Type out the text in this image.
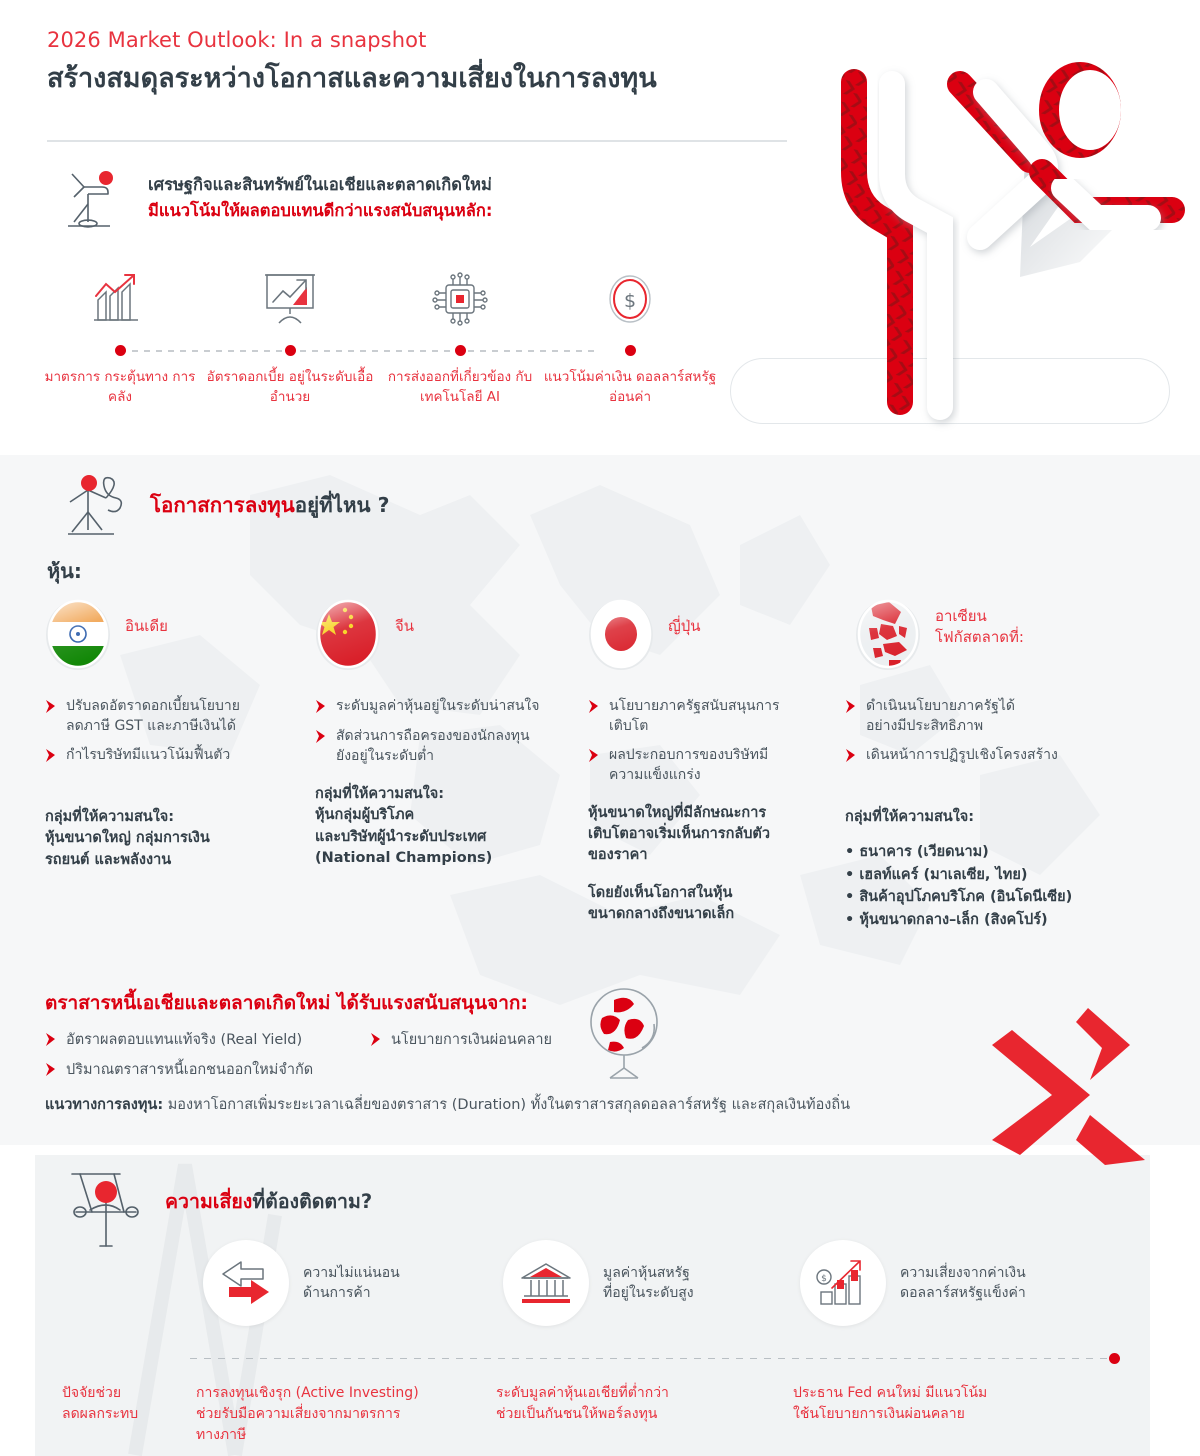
2026 Market Outlook: In a snapshot
สร้างสมดุลระหว่างโอกาสและความเสี่ยงในการลงทุน
เศรษฐกิจและสินทรัพย์ในเอเชียและตลาดเกิดใหม่
มีแนวโน้มให้ผลตอบแทนดีกว่าแรงสนับสนุนหลัก:
มาตรการ กระตุ้นทาง การคลัง
อัตราดอกเบี้ย อยู่ในระดับเอื้ออำนวย
การส่งออกที่เกี่ยวข้อง กับเทคโนโลยี AI
$
แนวโน้มค่าเงิน ดอลลาร์สหรัฐอ่อนค่า
โอกาสการลงทุนอยู่ที่ไหน ?
หุ้น:
อินเดีย	จีน	ญี่ปุ่น
อาเซียน
โฟกัสตลาดที่:
ปรับลดอัตราดอกเบี้ยนโยบาย
ลดภาษี GST และภาษีเงินได้
กำไรบริษัทมีแนวโน้มฟื้นตัว
กลุ่มที่ให้ความสนใจ:
หุ้นขนาดใหญ่ กลุ่มการเงิน
รถยนต์ และพลังงาน
ระดับมูลค่าหุ้นอยู่ในระดับน่าสนใจ
สัดส่วนการถือครองของนักลงทุน
ยังอยู่ในระดับต่ำ
กลุ่มที่ให้ความสนใจ:
หุ้นกลุ่มผู้บริโภค
และบริษัทผู้นำระดับประเทศ
(National Champions)
นโยบายภาครัฐสนับสนุนการ
เติบโต
ผลประกอบการของบริษัทมี
ความแข็งแกร่ง
หุ้นขนาดใหญ่ที่มีลักษณะการ
เติบโตอาจเริ่มเห็นการกลับตัว
ของราคา
โดยยังเห็นโอกาสในหุ้น
ขนาดกลางถึงขนาดเล็ก
ดำเนินนโยบายภาครัฐได้
อย่างมีประสิทธิภาพ
เดินหน้าการปฏิรูปเชิงโครงสร้าง
กลุ่มที่ให้ความสนใจ:
• ธนาคาร (เวียดนาม)
• เฮลท์แคร์ (มาเลเซีย, ไทย)
• สินค้าอุปโภคบริโภค (อินโดนีเซีย)
• หุ้นขนาดกลาง–เล็ก (สิงคโปร์)
ตราสารหนี้เอเชียและตลาดเกิดใหม่ ได้รับแรงสนับสนุนจาก:
อัตราผลตอบแทนแท้จริง (Real Yield)	นโยบายการเงินผ่อนคลาย
ปริมาณตราสารหนี้เอกชนออกใหม่จำกัด
แนวทางการลงทุน: มองหาโอกาสเพิ่มระยะเวลาเฉลี่ยของตราสาร (Duration) ทั้งในตราสารสกุลดอลลาร์สหรัฐ และสกุลเงินท้องถิ่น
ความเสี่ยงที่ต้องติดตาม?
ความไม่แน่นอน
ด้านการค้า
มูลค่าหุ้นสหรัฐ
ที่อยู่ในระดับสูง
$	ความเสี่ยงจากค่าเงิน
ดอลลาร์สหรัฐแข็งค่า
ปัจจัยช่วย
ลดผลกระทบ
การลงทุนเชิงรุก (Active Investing)
ช่วยรับมือความเสี่ยงจากมาตรการ
ทางภาษี
ระดับมูลค่าหุ้นเอเชียที่ต่ำกว่า
ช่วยเป็นกันชนให้พอร์ลงทุน
ประธาน Fed คนใหม่ มีแนวโน้ม
ใช้นโยบายการเงินผ่อนคลาย
